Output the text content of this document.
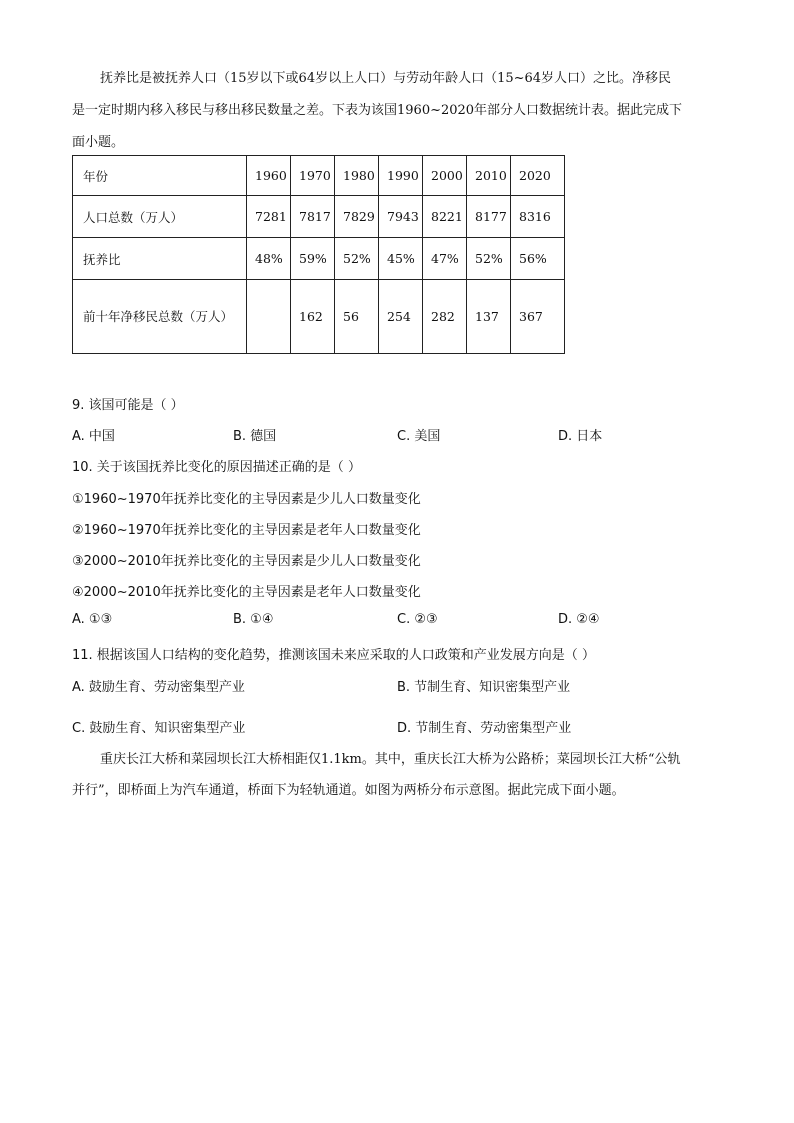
抚养比是被抚养人口（15岁以下或64岁以上人口）与劳动年龄人口（15~64岁人口）之比。净移民
是一定时期内移入移民与移出移民数量之差。下表为该国1960~2020年部分人口数据统计表。据此完成下
面小题。
年份	1960	1970	1980	1990	2000	2010	2020
人口总数（万人）	7281	7817	7829	7943	8221	8177	8316
抚养比	48%	59%	52%	45%	47%	52%	56%
前十年净移民总数（万人）		162	56	254	282	137	367
9. 该国可能是（ ）
A. 中国	B. 德国	C. 美国	D. 日本
10. 关于该国抚养比变化的原因描述正确的是（ ）
①1960~1970年抚养比变化的主导因素是少儿人口数量变化
②1960~1970年抚养比变化的主导因素是老年人口数量变化
③2000~2010年抚养比变化的主导因素是少儿人口数量变化
④2000~2010年抚养比变化的主导因素是老年人口数量变化
A. ①③	B. ①④	C. ②③	D. ②④
11. 根据该国人口结构的变化趋势，推测该国未来应采取的人口政策和产业发展方向是（ ）
A. 鼓励生育、劳动密集型产业	B. 节制生育、知识密集型产业
C. 鼓励生育、知识密集型产业	D. 节制生育、劳动密集型产业
重庆长江大桥和菜园坝长江大桥相距仅1.1km。其中，重庆长江大桥为公路桥；菜园坝长江大桥“公轨
并行”，即桥面上为汽车通道，桥面下为轻轨通道。如图为两桥分布示意图。据此完成下面小题。
